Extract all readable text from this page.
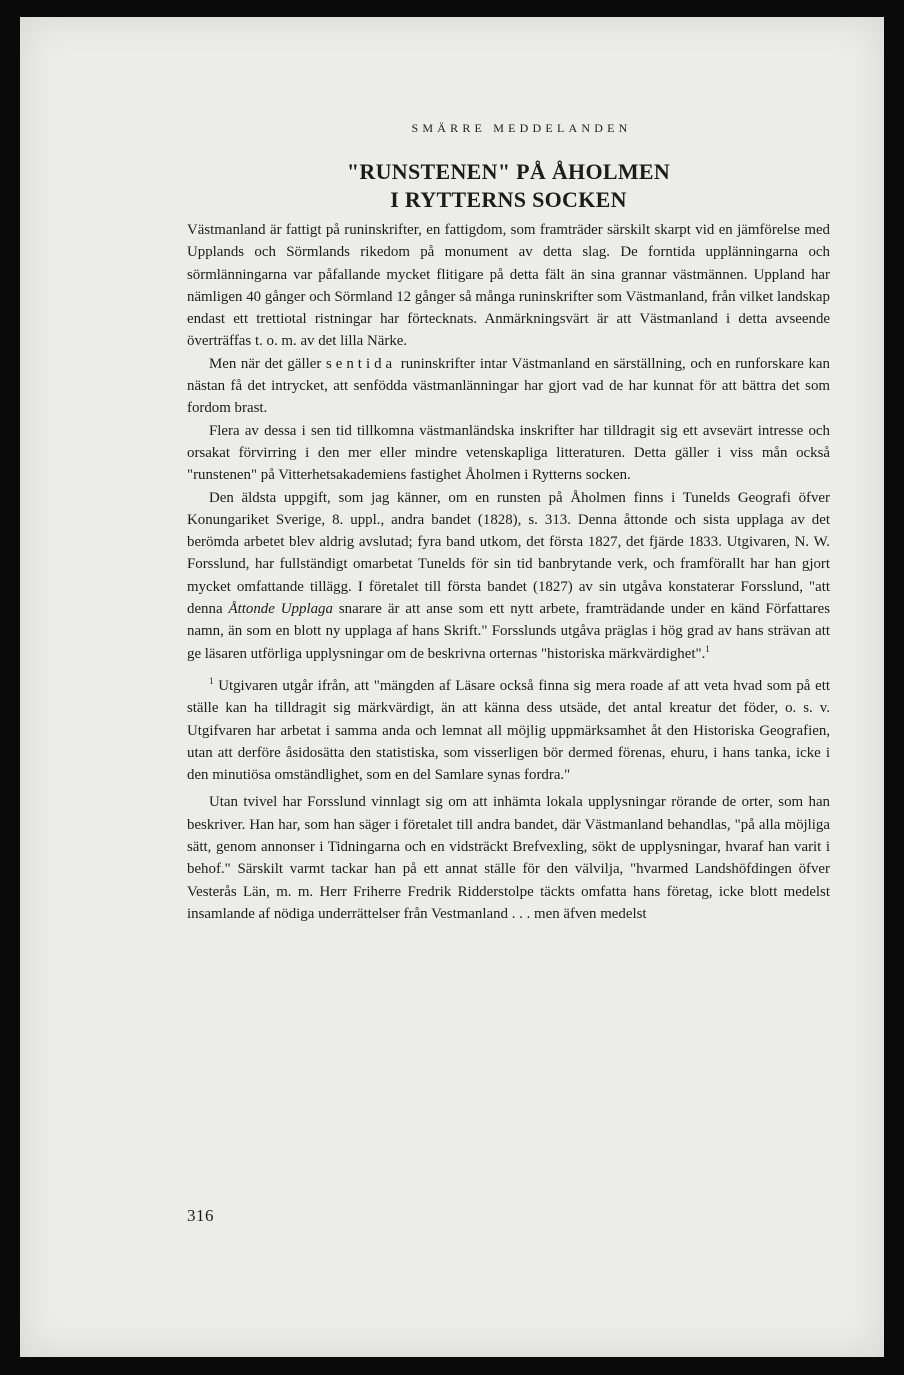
SMÄRRE MEDDELANDEN
"RUNSTENEN" PÅ ÅHOLMEN
I RYTTERNS SOCKEN

Västmanland är fattigt på runinskrifter, en fattigdom, som framträder särskilt skarpt vid en jämförelse med Upplands och Sörmlands rikedom på monument av detta slag. De forntida upplänningarna och sörmlänningarna var påfallande mycket flitigare på detta fält än sina grannar västmännen. Uppland har nämligen 40 gånger och Sörmland 12 gånger så många runinskrifter som Västmanland, från vilket landskap endast ett trettiotal ristningar har förtecknats. Anmärkningsvärt är att Västmanland i detta avseende överträffas t. o. m. av det lilla Närke.

Men när det gäller sentida runinskrifter intar Västmanland en särställning, och en runforskare kan nästan få det intrycket, att senfödda västmanlänningar har gjort vad de har kunnat för att bättra det som fordom brast.

Flera av dessa i sen tid tillkomna västmanländska inskrifter har tilldragit sig ett avsevärt intresse och orsakat förvirring i den mer eller mindre vetenskapliga litteraturen. Detta gäller i viss mån också "runstenen" på Vitterhetsakademiens fastighet Åholmen i Rytterns socken.

Den äldsta uppgift, som jag känner, om en runsten på Åholmen finns i Tunelds Geografi öfver Konungariket Sverige, 8. uppl., andra bandet (1828), s. 313. Denna åttonde och sista upplaga av det berömda arbetet blev aldrig avslutad; fyra band utkom, det första 1827, det fjärde 1833. Utgivaren, N. W. Forsslund, har fullständigt omarbetat Tunelds för sin tid banbrytande verk, och framförallt har han gjort mycket omfattande tillägg. I företalet till första bandet (1827) av sin utgåva konstaterar Forsslund, "att denna Åttonde Upplaga snarare är att anse som ett nytt arbete, framträdande under en känd Författares namn, än som en blott ny upplaga af hans Skrift." Forsslunds utgåva präglas i hög grad av hans strävan att ge läsaren utförliga upplysningar om de beskrivna orternas "historiska märkvärdighet".$^1$

$^1$ Utgivaren utgår ifrån, att "mängden af Läsare också finna sig mera roade af att veta hvad som på ett ställe kan ha tilldragit sig märkvärdigt, än att känna dess utsäde, det antal kreatur det föder, o. s. v. Utgifvaren har arbetat i samma anda och lemnat all möjlig uppmärksamhet åt den Historiska Geografien, utan att derföre åsidosätta den statistiska, som visserligen bör dermed förenas, ehuru, i hans tanka, icke i den minutiösa omständlighet, som en del Samlare synas fordra."

Utan tvivel har Forsslund vinnlagt sig om att inhämta lokala upplysningar rörande de orter, som han beskriver. Han har, som han säger i företalet till andra bandet, där Västmanland behandlas, "på alla möjliga sätt, genom annonser i Tidningarna och en vidsträckt Brefvexling, sökt de upplysningar, hvaraf han varit i behof." Särskilt varmt tackar han på ett annat ställe för den välvilja, "hvarmed Landshöfdingen öfver Vesterås Län, m. m. Herr Friherre Fredrik Ridderstolpe täckts omfatta hans företag, icke blott medelst insamlande af nödiga underrättelser från Vestmanland . . . men äfven medelst

316
